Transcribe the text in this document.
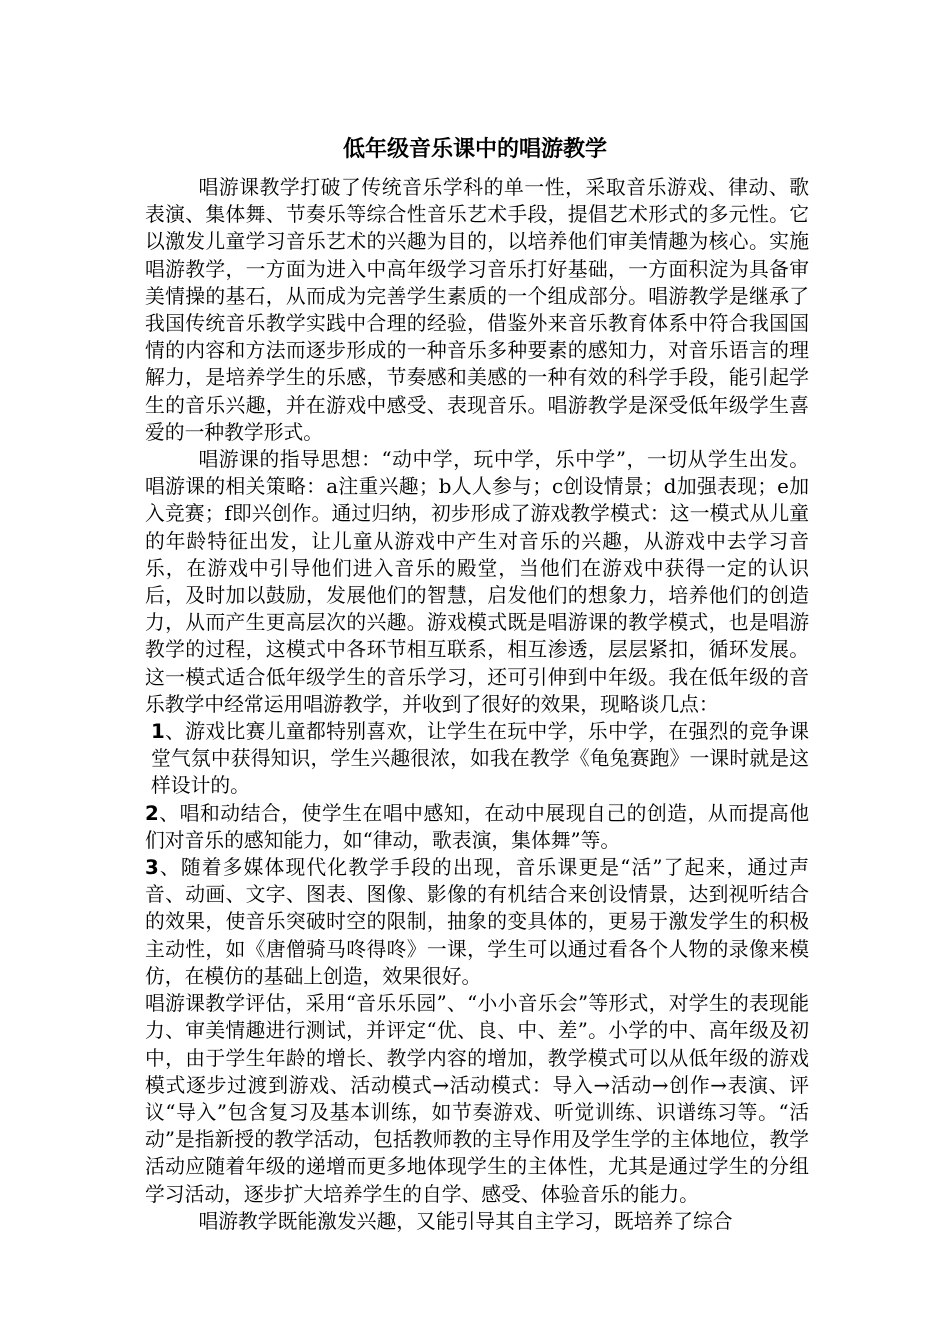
低年级音乐课中的唱游教学

唱游课教学打破了传统音乐学科的单一性，采取音乐游戏、律动、歌表演、集体舞、节奏乐等综合性音乐艺术手段，提倡艺术形式的多元性。它以激发儿童学习音乐艺术的兴趣为目的，以培养他们审美情趣为核心。实施唱游教学，一方面为进入中高年级学习音乐打好基础，一方面积淀为具备审美情操的基石，从而成为完善学生素质的一个组成部分。唱游教学是继承了我国传统音乐教学实践中合理的经验，借鉴外来音乐教育体系中符合我国国情的内容和方法而逐步形成的一种音乐多种要素的感知力，对音乐语言的理解力，是培养学生的乐感，节奏感和美感的一种有效的科学手段，能引起学生的音乐兴趣，并在游戏中感受、表现音乐。唱游教学是深受低年级学生喜爱的一种教学形式。

唱游课的指导思想：“动中学，玩中学，乐中学”，一切从学生出发。唱游课的相关策略：a注重兴趣；b人人参与；c创设情景；d加强表现；e加入竞赛；f即兴创作。通过归纳，初步形成了游戏教学模式：这一模式从儿童的年龄特征出发，让儿童从游戏中产生对音乐的兴趣，从游戏中去学习音乐，在游戏中引导他们进入音乐的殿堂，当他们在游戏中获得一定的认识后，及时加以鼓励，发展他们的智慧，启发他们的想象力，培养他们的创造力，从而产生更高层次的兴趣。游戏模式既是唱游课的教学模式，也是唱游教学的过程，这模式中各环节相互联系，相互渗透，层层紧扣，循环发展。这一模式适合低年级学生的音乐学习，还可引伸到中年级。我在低年级的音乐教学中经常运用唱游教学，并收到了很好的效果，现略谈几点：

1、游戏比赛儿童都特别喜欢，让学生在玩中学，乐中学，在强烈的竞争课堂气氛中获得知识，学生兴趣很浓，如我在教学《龟兔赛跑》一课时就是这样设计的。

2、唱和动结合，使学生在唱中感知，在动中展现自己的创造，从而提高他们对音乐的感知能力，如“律动，歌表演，集体舞”等。

3、随着多媒体现代化教学手段的出现，音乐课更是“活”了起来，通过声音、动画、文字、图表、图像、影像的有机结合来创设情景，达到视听结合的效果，使音乐突破时空的限制，抽象的变具体的，更易于激发学生的积极主动性，如《唐僧骑马咚得咚》一课，学生可以通过看各个人物的录像来模仿，在模仿的基础上创造，效果很好。

唱游课教学评估，采用“音乐乐园”、“小小音乐会”等形式，对学生的表现能力、审美情趣进行测试，并评定“优、良、中、差”。小学的中、高年级及初中，由于学生年龄的增长、教学内容的增加，教学模式可以从低年级的游戏模式逐步过渡到游戏、活动模式→活动模式：导入→活动→创作→表演、评议“导入”包含复习及基本训练，如节奏游戏、听觉训练、识谱练习等。“活动”是指新授的教学活动，包括教师教的主导作用及学生学的主体地位，教学活动应随着年级的递增而更多地体现学生的主体性，尤其是通过学生的分组学习活动，逐步扩大培养学生的自学、感受、体验音乐的能力。

唱游教学既能激发兴趣，又能引导其自主学习，既培养了综合
